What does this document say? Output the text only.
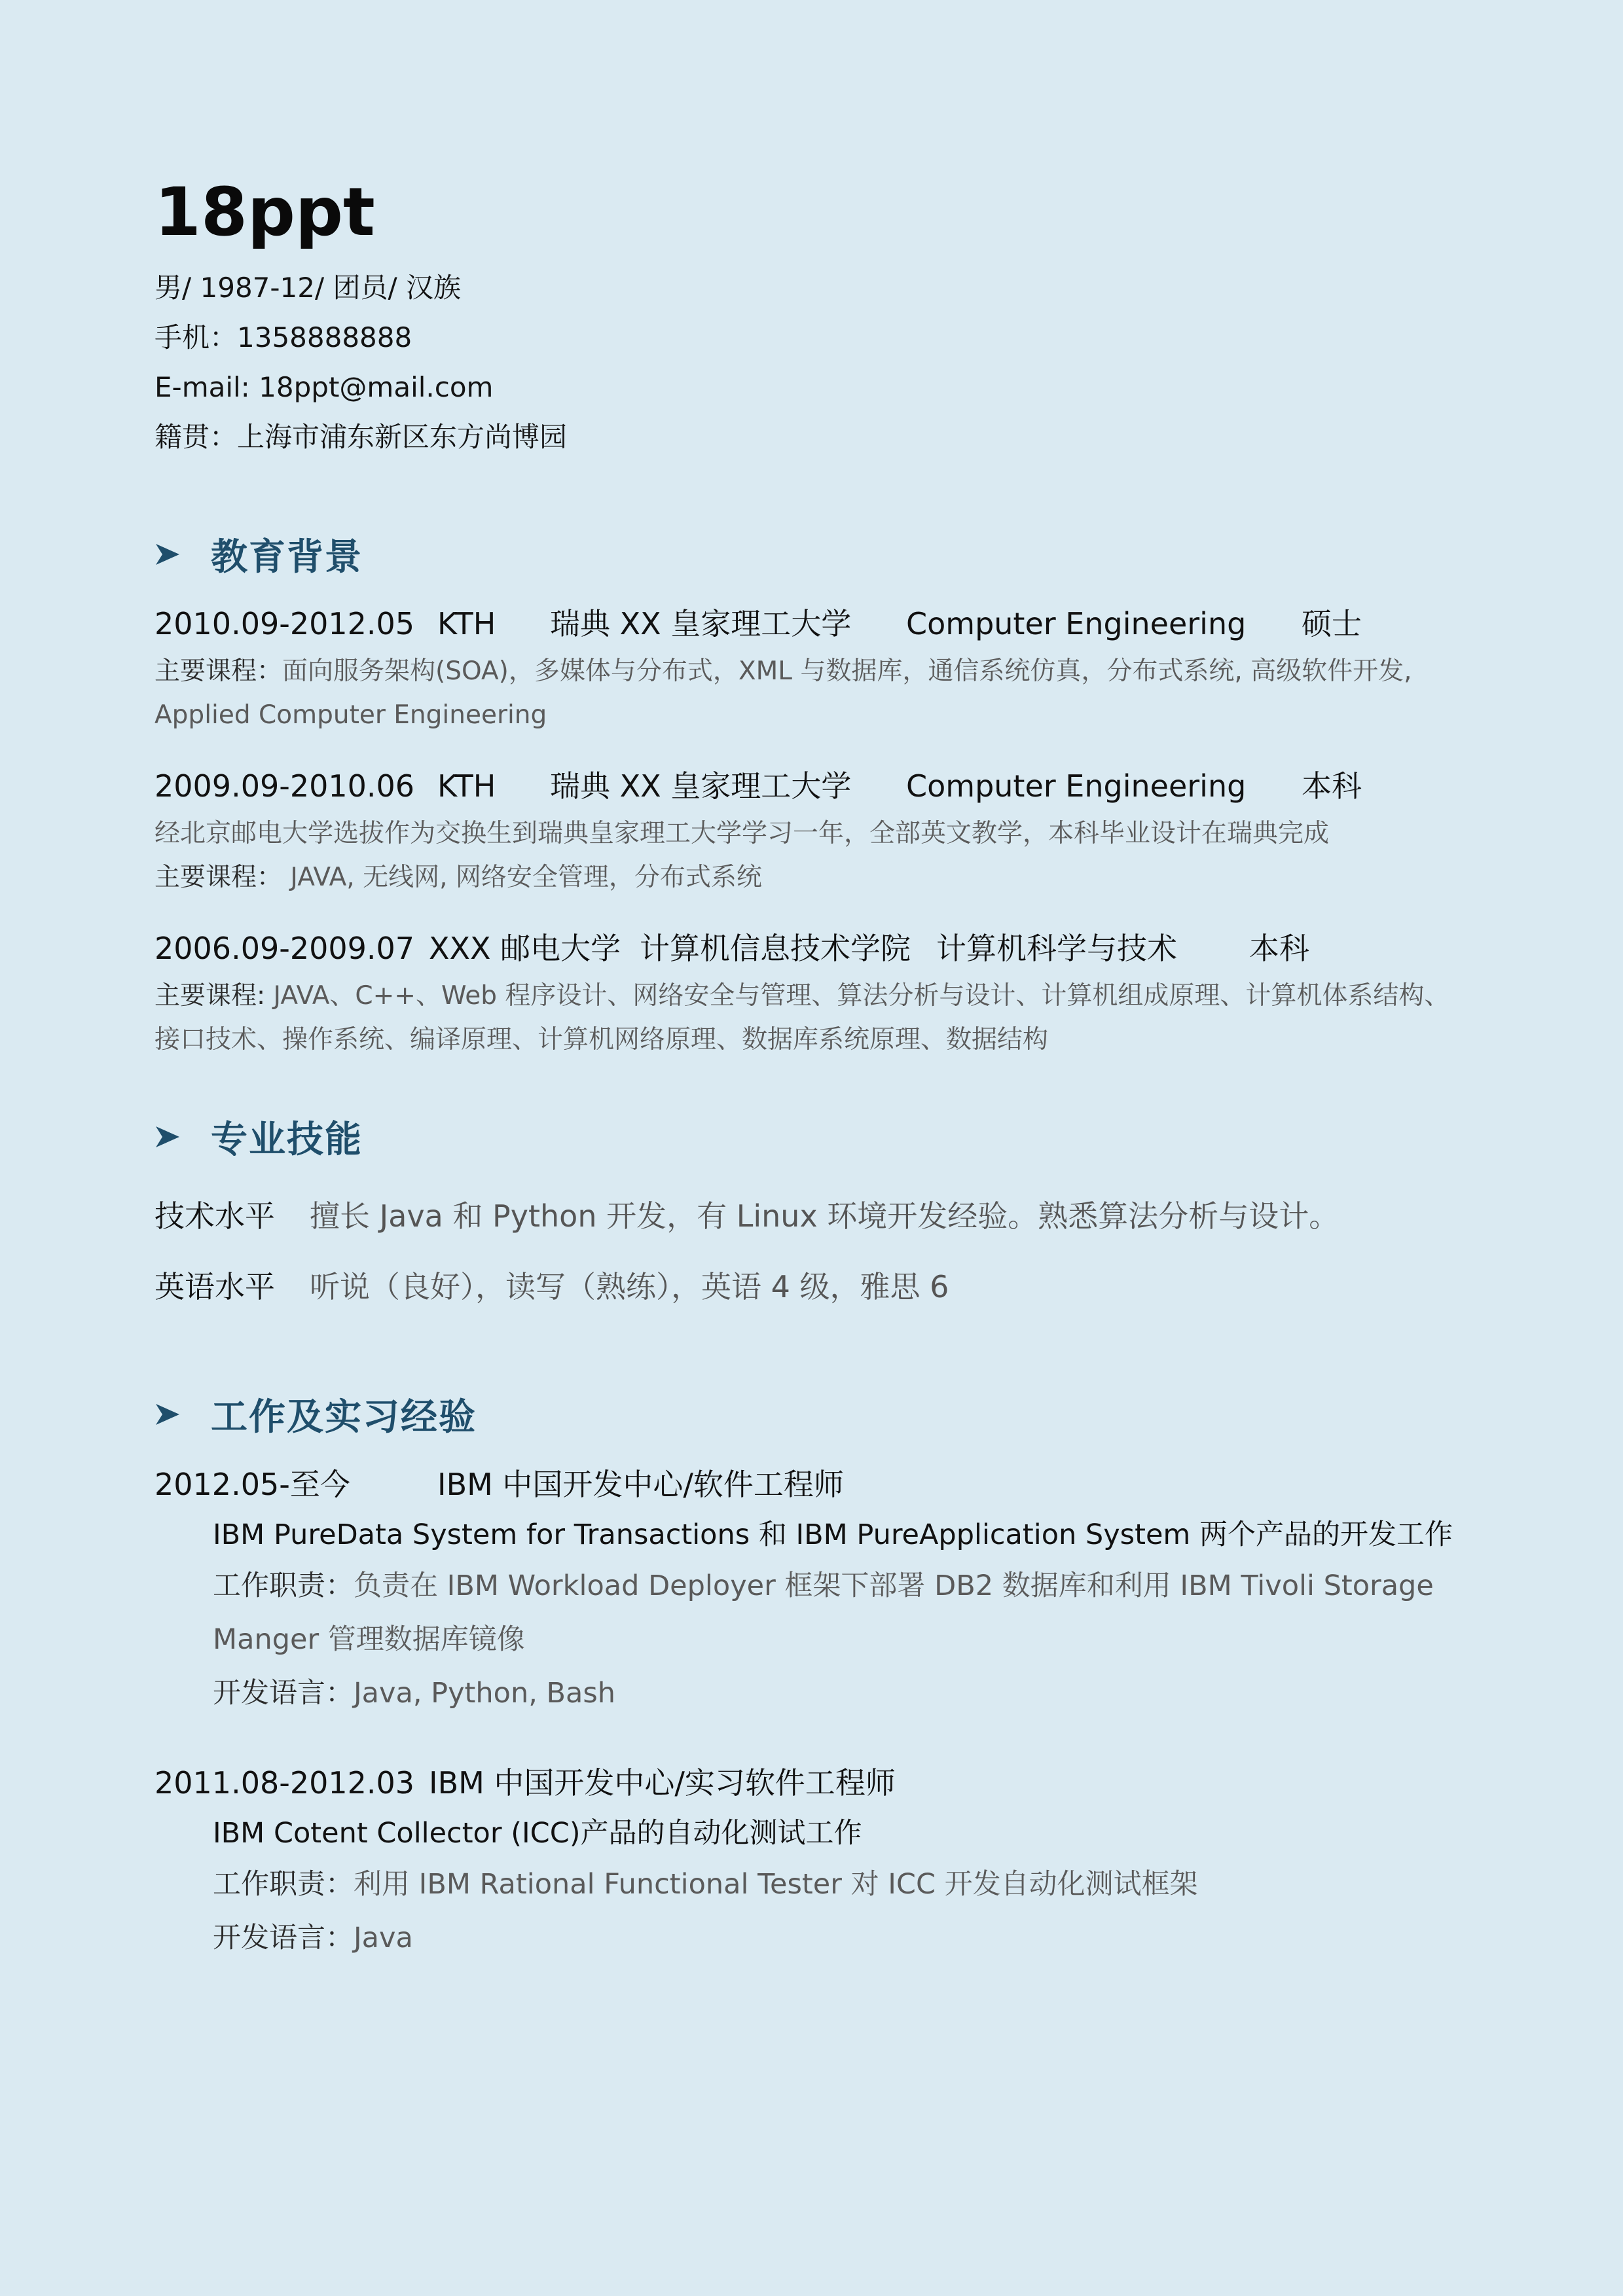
18ppt
男/ 1987-12/ 团员/ 汉族
手机：1358888888
E-mail: 18ppt@mail.com
籍贯：上海市浦东新区东方尚博园
教育背景
2010.09-2012.05 KTH 瑞典 XX 皇家理工大学 Computer Engineering 硕士
主要课程：面向服务架构(SOA)，多媒体与分布式，XML 与数据库，通信系统仿真，分布式系统, 高级软件开发, Applied Computer Engineering
2009.09-2010.06 KTH 瑞典 XX 皇家理工大学 Computer Engineering 本科
经北京邮电大学选拔作为交换生到瑞典皇家理工大学学习一年，全部英文教学，本科毕业设计在瑞典完成
主要课程： JAVA, 无线网, 网络安全管理，分布式系统
2006.09-2009.07 XXX 邮电大学 计算机信息技术学院 计算机科学与技术 本科
主要课程: JAVA、C++、Web 程序设计、网络安全与管理、算法分析与设计、计算机组成原理、计算机体系结构、接口技术、操作系统、编译原理、计算机网络原理、数据库系统原理、数据结构
专业技能
技术水平	擅长 Java 和 Python 开发，有 Linux 环境开发经验。熟悉算法分析与设计。
英语水平	听说（良好），读写（熟练），英语 4 级，雅思 6
工作及实习经验
2012.05-至今	IBM 中国开发中心/软件工程师
IBM PureData System for Transactions 和 IBM PureApplication System 两个产品的开发工作
工作职责：负责在 IBM Workload Deployer 框架下部署 DB2 数据库和利用 IBM Tivoli Storage Manger 管理数据库镜像
开发语言：Java, Python, Bash
2011.08-2012.03 IBM 中国开发中心/实习软件工程师
IBM Cotent Collector (ICC)产品的自动化测试工作
工作职责：利用 IBM Rational Functional Tester 对 ICC 开发自动化测试框架
开发语言：Java
